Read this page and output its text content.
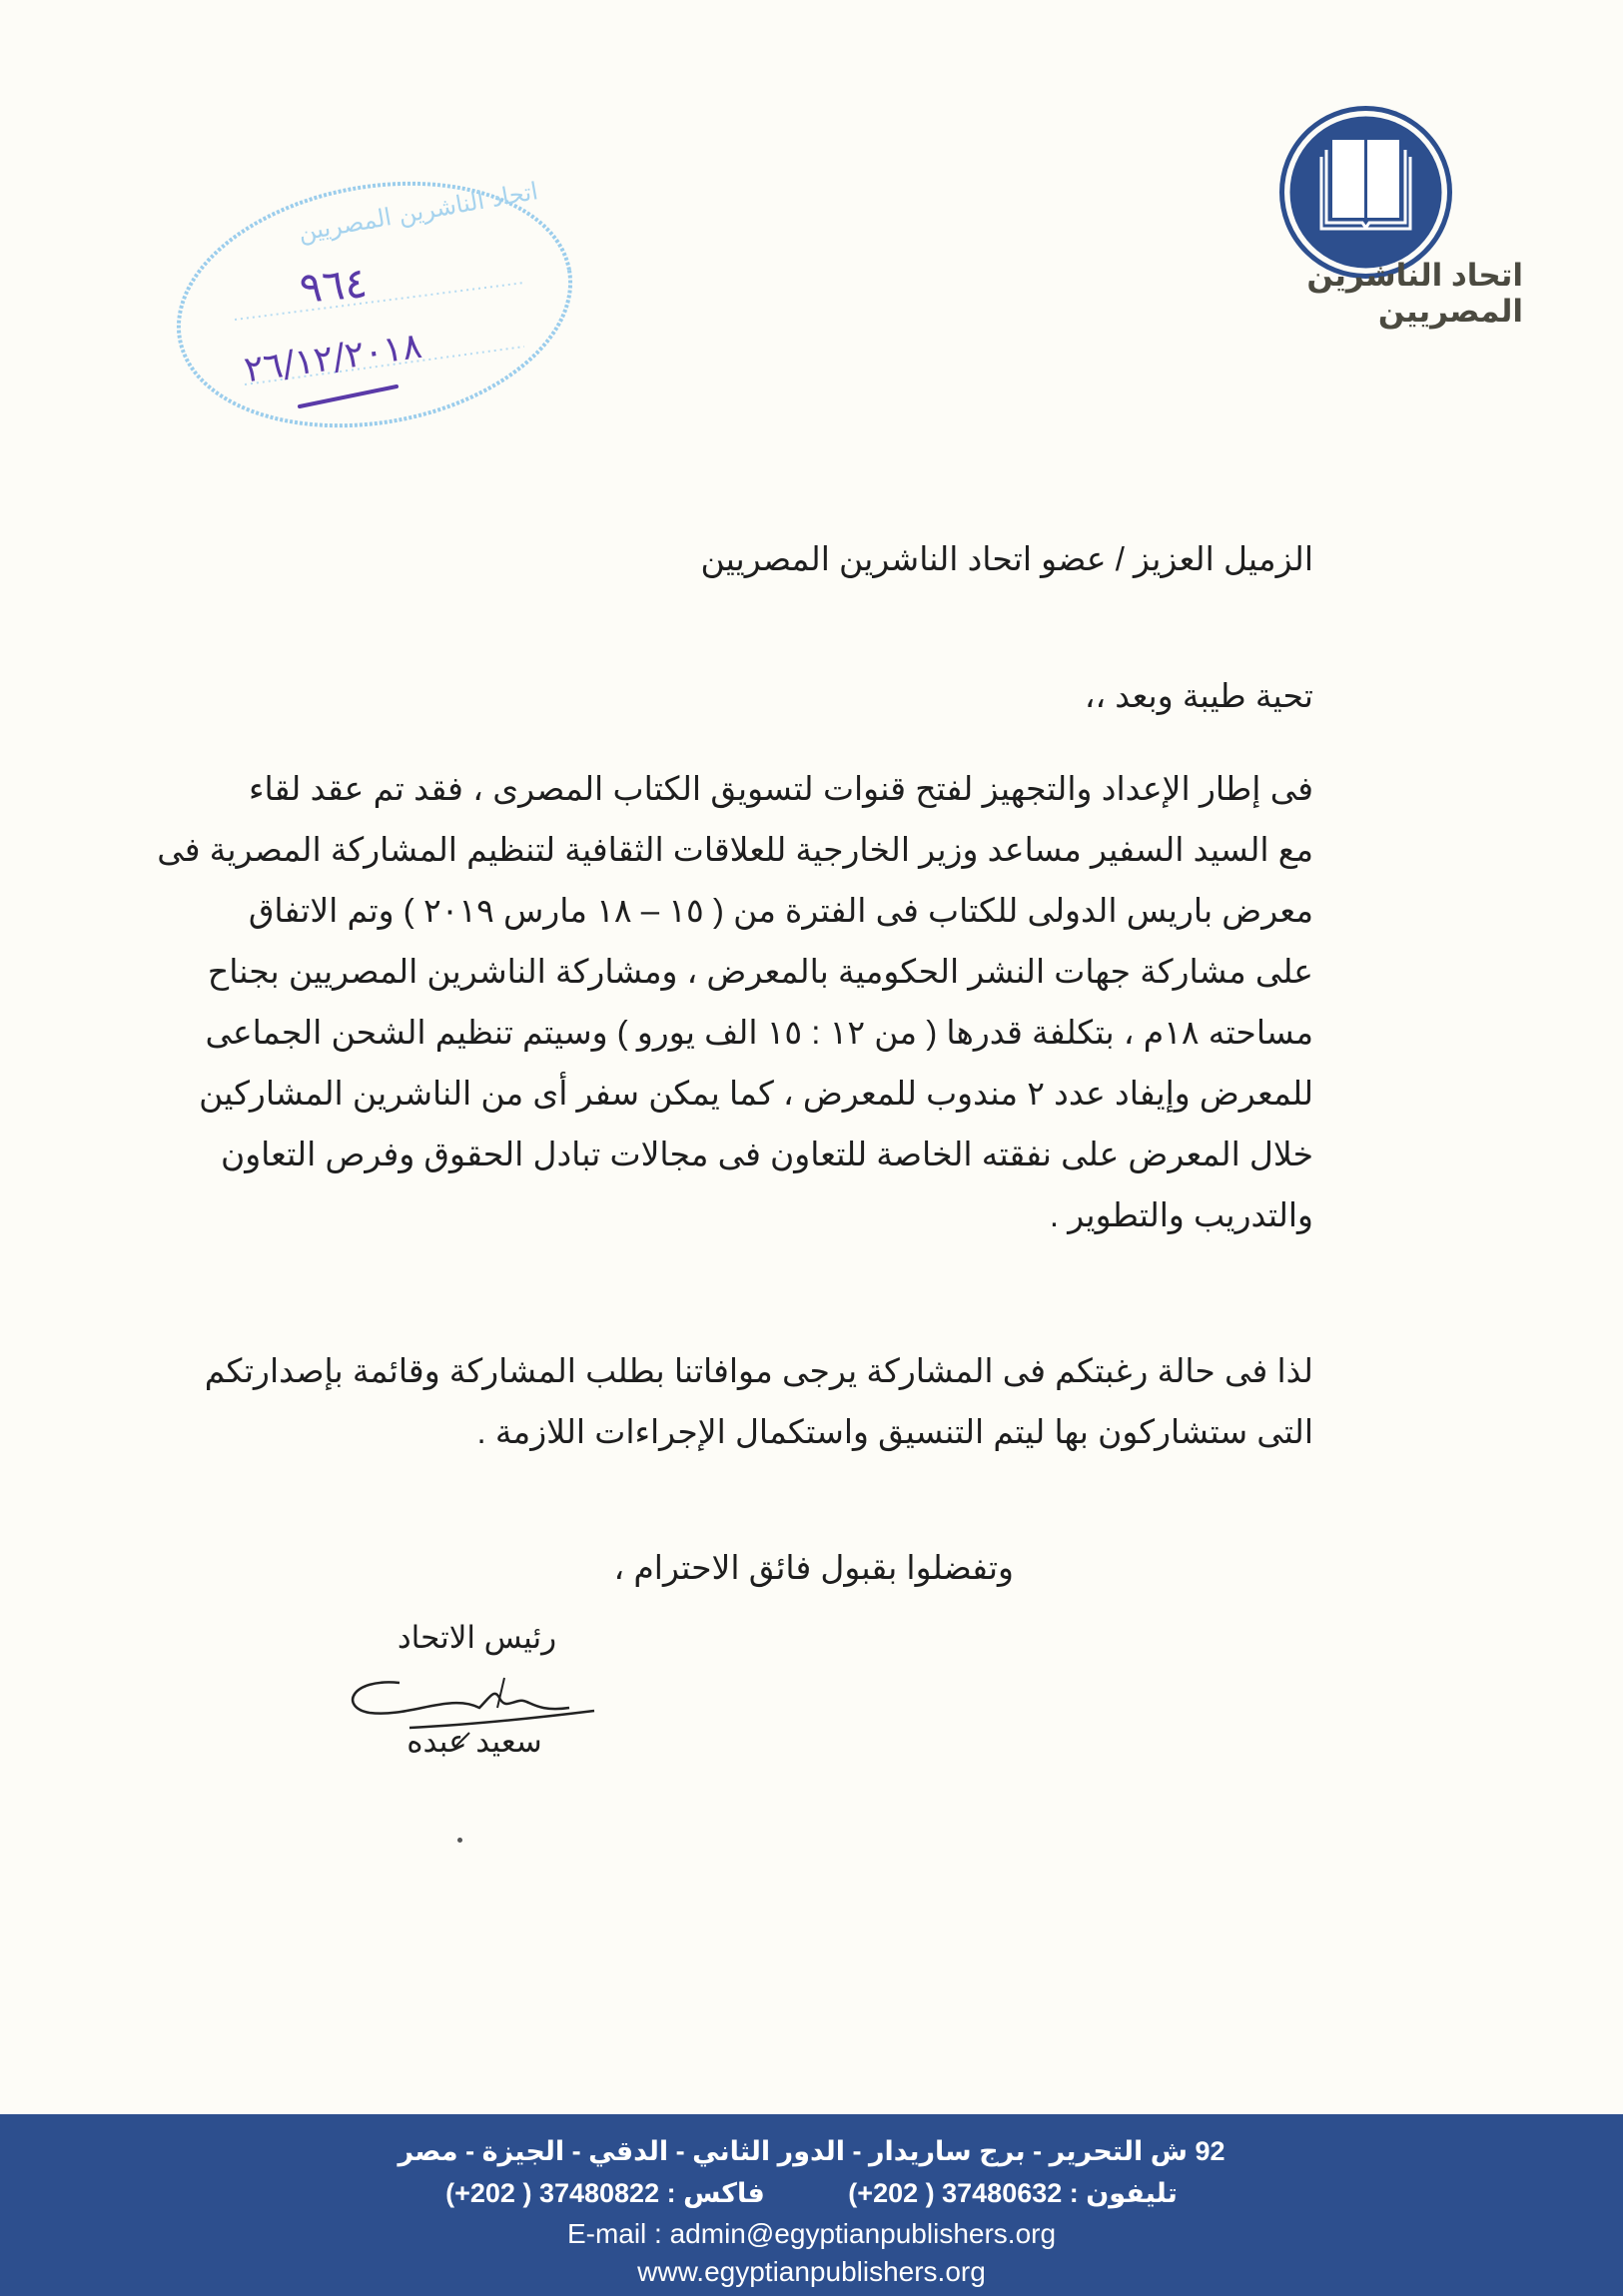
اتحاد الناشرين المصريين
اتحاد الناشرين المصريين
٩٦٤
٢٦/١٢/٢٠١٨
الزميل العزيز / عضو اتحاد الناشرين المصريين
تحية طيبة وبعد ،،
فى إطار الإعداد والتجهيز لفتح قنوات لتسويق الكتاب المصرى ، فقد تم عقد لقاء
مع السيد السفير مساعد وزير الخارجية للعلاقات الثقافية لتنظيم المشاركة المصرية فى
معرض باريس الدولى للكتاب فى الفترة من ( ١٥ – ١٨ مارس ٢٠١٩ ) وتم الاتفاق
على مشاركة جهات النشر الحكومية بالمعرض ، ومشاركة الناشرين المصريين بجناح
مساحته ١٨م ، بتكلفة قدرها ( من ١٢ : ١٥ الف يورو ) وسيتم تنظيم الشحن الجماعى
للمعرض وإيفاد عدد ٢ مندوب للمعرض ، كما يمكن سفر أى من الناشرين المشاركين
خلال المعرض على نفقته الخاصة للتعاون فى مجالات تبادل الحقوق وفرص التعاون
والتدريب والتطوير .
لذا فى حالة رغبتكم فى المشاركة يرجى موافاتنا بطلب المشاركة وقائمة بإصدارتكم
التى ستشاركون بها ليتم التنسيق واستكمال الإجراءات اللازمة .
وتفضلوا بقبول فائق الاحترام ،
رئيس الاتحاد
سعيد عبده
92 ش التحرير - برج ساريدار - الدور الثاني - الدقي - الجيزة - مصر
تليفون : 37480632 ( 202+) فاكس : 37480822 ( 202+)
E-mail : admin@egyptianpublishers.org
www.egyptianpublishers.org
